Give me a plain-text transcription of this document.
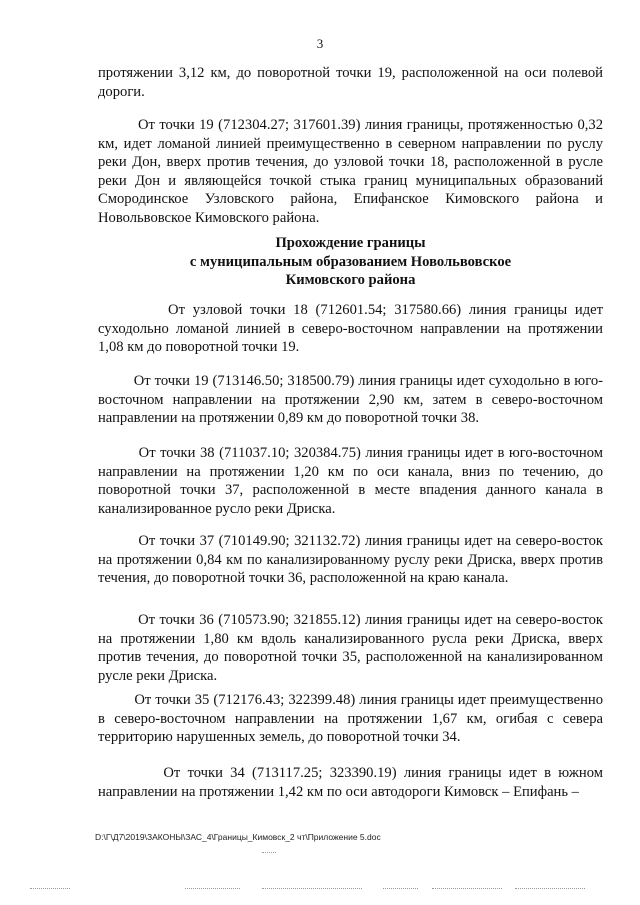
3
протяжении 3,12 км, до поворотной точки 19, расположенной на оси полевой дороги.
От точки 19 (712304.27; 317601.39) линия границы, протяженностью 0,32 км, идет ломаной линией преимущественно в северном направлении по руслу реки Дон, вверх против течения, до узловой точки 18, расположенной в русле реки Дон и являющейся точкой стыка границ муниципальных образований Смородинское Узловского района, Епифанское Кимовского района и Новольвовское Кимовского района.
Прохождение границы
с муниципальным образованием Новольвовское
Кимовского района
От узловой точки 18 (712601.54; 317580.66) линия границы идет суходольно ломаной линией в северо-восточном направлении на протяжении 1,08 км до поворотной точки 19.
От точки 19 (713146.50; 318500.79) линия границы идет суходольно в юго-восточном направлении на протяжении 2,90 км, затем в северо-восточном направлении на протяжении 0,89 км до поворотной точки 38.
От точки 38 (711037.10; 320384.75) линия границы идет в юго-восточном направлении на протяжении 1,20 км по оси канала, вниз по течению, до поворотной точки 37, расположенной в месте впадения данного канала в канализированное русло реки Дриска.
От точки 37 (710149.90; 321132.72) линия границы идет на северо-восток на протяжении 0,84 км по канализированному руслу реки Дриска, вверх против течения, до поворотной точки 36, расположенной на краю канала.
От точки 36 (710573.90; 321855.12) линия границы идет на северо-восток на протяжении 1,80 км вдоль канализированного русла реки Дриска, вверх против течения, до поворотной точки 35, расположенной на канализированном русле реки Дриска.
От точки 35 (712176.43; 322399.48) линия границы идет преимущественно в северо-восточном направлении на протяжении 1,67 км, огибая с севера территорию нарушенных земель, до поворотной точки 34.
От точки 34 (713117.25; 323390.19) линия границы идет в южном направлении на протяжении 1,42 км по оси автодороги Кимовск – Епифань –
D:\Г\Д7\2019\ЗАКОНЫ\ЗАС_4\Границы_Кимовск_2 чт\Приложение 5.doc
